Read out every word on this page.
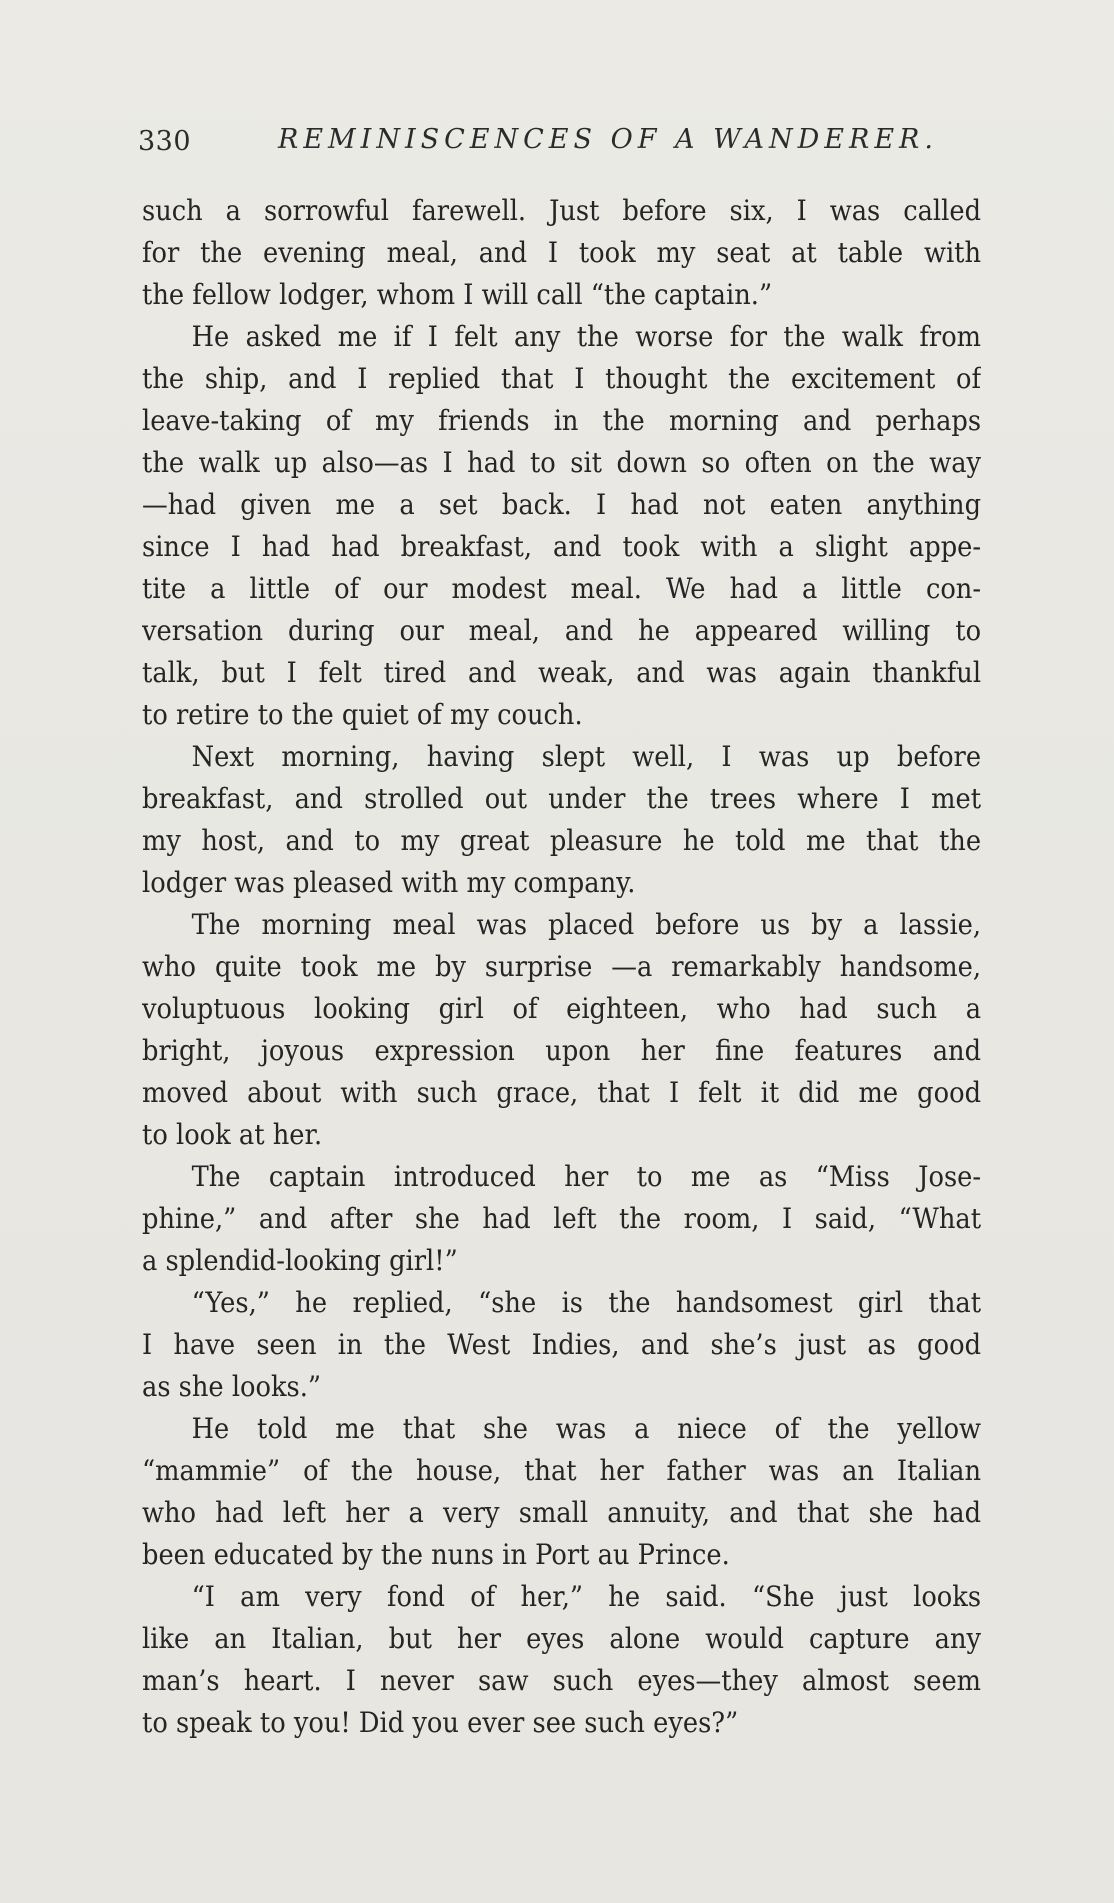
330	REMINISCENCES OF A WANDERER.
such a sorrowful farewell. Just before six, I was called
for the evening meal, and I took my seat at table with
the fellow lodger, whom I will call “the captain.”
He asked me if I felt any the worse for the walk from
the ship, and I replied that I thought the excitement of
leave-taking of my friends in the morning and perhaps
the walk up also—as I had to sit down so often on the way
—had given me a set back. I had not eaten anything
since I had had breakfast, and took with a slight appe-
tite a little of our modest meal. We had a little con-
versation during our meal, and he appeared willing to
talk, but I felt tired and weak, and was again thankful
to retire to the quiet of my couch.
Next morning, having slept well, I was up before
breakfast, and strolled out under the trees where I met
my host, and to my great pleasure he told me that the
lodger was pleased with my company.
The morning meal was placed before us by a lassie,
who quite took me by surprise —a remarkably handsome,
voluptuous looking girl of eighteen, who had such a
bright, joyous expression upon her fine features and
moved about with such grace, that I felt it did me good
to look at her.
The captain introduced her to me as “Miss Jose-
phine,” and after she had left the room, I said, “What
a splendid-looking girl!”
“Yes,” he replied, “she is the handsomest girl that
I have seen in the West Indies, and she’s just as good
as she looks.”
He told me that she was a niece of the yellow
“mammie” of the house, that her father was an Italian
who had left her a very small annuity, and that she had
been educated by the nuns in Port au Prince.
“I am very fond of her,” he said. “She just looks
like an Italian, but her eyes alone would capture any
man’s heart. I never saw such eyes—they almost seem
to speak to you! Did you ever see such eyes?”
